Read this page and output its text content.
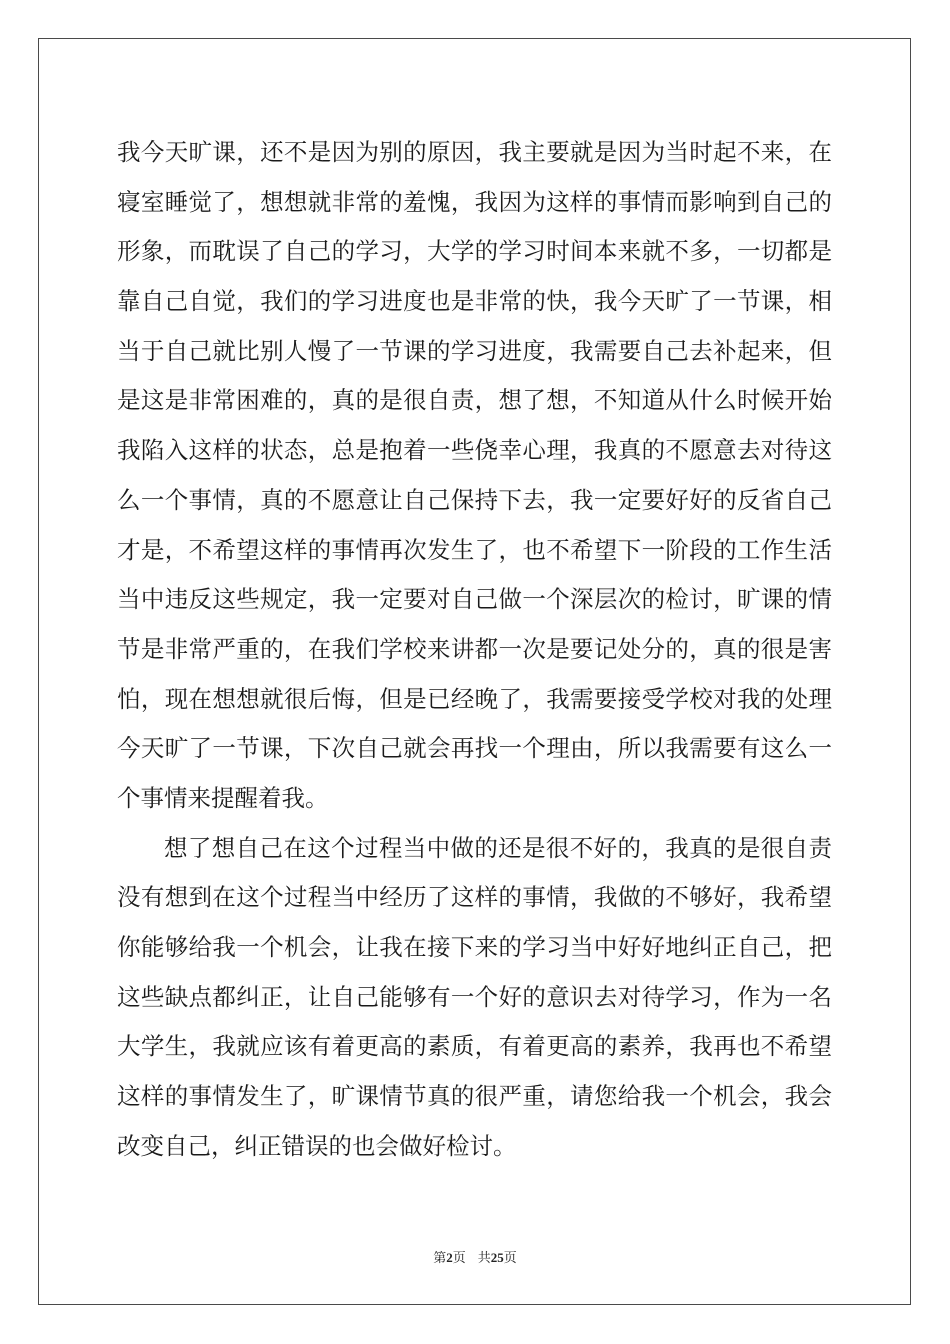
我今天旷课，还不是因为别的原因，我主要就是因为当时起不来，在
寝室睡觉了，想想就非常的羞愧，我因为这样的事情而影响到自己的
形象，而耽误了自己的学习，大学的学习时间本来就不多，一切都是
靠自己自觉，我们的学习进度也是非常的快，我今天旷了一节课，相
当于自己就比别人慢了一节课的学习进度，我需要自己去补起来，但
是这是非常困难的，真的是很自责，想了想，不知道从什么时候开始
我陷入这样的状态，总是抱着一些侥幸心理，我真的不愿意去对待这
么一个事情，真的不愿意让自己保持下去，我一定要好好的反省自己
才是，不希望这样的事情再次发生了，也不希望下一阶段的工作生活
当中违反这些规定，我一定要对自己做一个深层次的检讨，旷课的情
节是非常严重的，在我们学校来讲都一次是要记处分的，真的很是害
怕，现在想想就很后悔，但是已经晚了，我需要接受学校对我的处理
今天旷了一节课，下次自己就会再找一个理由，所以我需要有这么一
个事情来提醒着我。
想了想自己在这个过程当中做的还是很不好的，我真的是很自责
没有想到在这个过程当中经历了这样的事情，我做的不够好，我希望
你能够给我一个机会，让我在接下来的学习当中好好地纠正自己，把
这些缺点都纠正，让自己能够有一个好的意识去对待学习，作为一名
大学生，我就应该有着更高的素质，有着更高的素养，我再也不希望
这样的事情发生了，旷课情节真的很严重，请您给我一个机会，我会
改变自己，纠正错误的也会做好检讨。
第2页 共25页
